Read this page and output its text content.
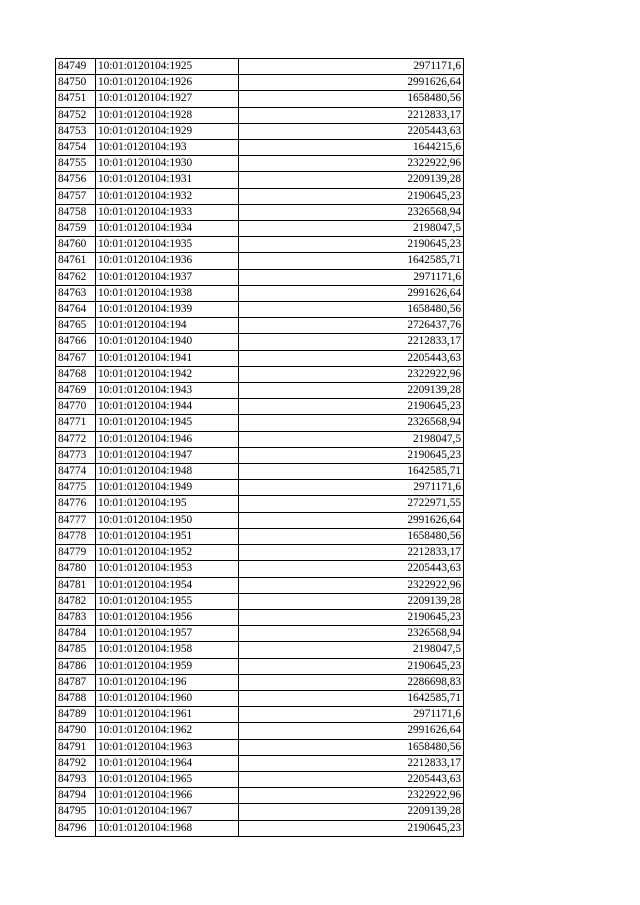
84749	10:01:0120104:1925	2971171,6
84750	10:01:0120104:1926	2991626,64
84751	10:01:0120104:1927	1658480,56
84752	10:01:0120104:1928	2212833,17
84753	10:01:0120104:1929	2205443,63
84754	10:01:0120104:193	1644215,6
84755	10:01:0120104:1930	2322922,96
84756	10:01:0120104:1931	2209139,28
84757	10:01:0120104:1932	2190645,23
84758	10:01:0120104:1933	2326568,94
84759	10:01:0120104:1934	2198047,5
84760	10:01:0120104:1935	2190645,23
84761	10:01:0120104:1936	1642585,71
84762	10:01:0120104:1937	2971171,6
84763	10:01:0120104:1938	2991626,64
84764	10:01:0120104:1939	1658480,56
84765	10:01:0120104:194	2726437,76
84766	10:01:0120104:1940	2212833,17
84767	10:01:0120104:1941	2205443,63
84768	10:01:0120104:1942	2322922,96
84769	10:01:0120104:1943	2209139,28
84770	10:01:0120104:1944	2190645,23
84771	10:01:0120104:1945	2326568,94
84772	10:01:0120104:1946	2198047,5
84773	10:01:0120104:1947	2190645,23
84774	10:01:0120104:1948	1642585,71
84775	10:01:0120104:1949	2971171,6
84776	10:01:0120104:195	2722971,55
84777	10:01:0120104:1950	2991626,64
84778	10:01:0120104:1951	1658480,56
84779	10:01:0120104:1952	2212833,17
84780	10:01:0120104:1953	2205443,63
84781	10:01:0120104:1954	2322922,96
84782	10:01:0120104:1955	2209139,28
84783	10:01:0120104:1956	2190645,23
84784	10:01:0120104:1957	2326568,94
84785	10:01:0120104:1958	2198047,5
84786	10:01:0120104:1959	2190645,23
84787	10:01:0120104:196	2286698,83
84788	10:01:0120104:1960	1642585,71
84789	10:01:0120104:1961	2971171,6
84790	10:01:0120104:1962	2991626,64
84791	10:01:0120104:1963	1658480,56
84792	10:01:0120104:1964	2212833,17
84793	10:01:0120104:1965	2205443,63
84794	10:01:0120104:1966	2322922,96
84795	10:01:0120104:1967	2209139,28
84796	10:01:0120104:1968	2190645,23
